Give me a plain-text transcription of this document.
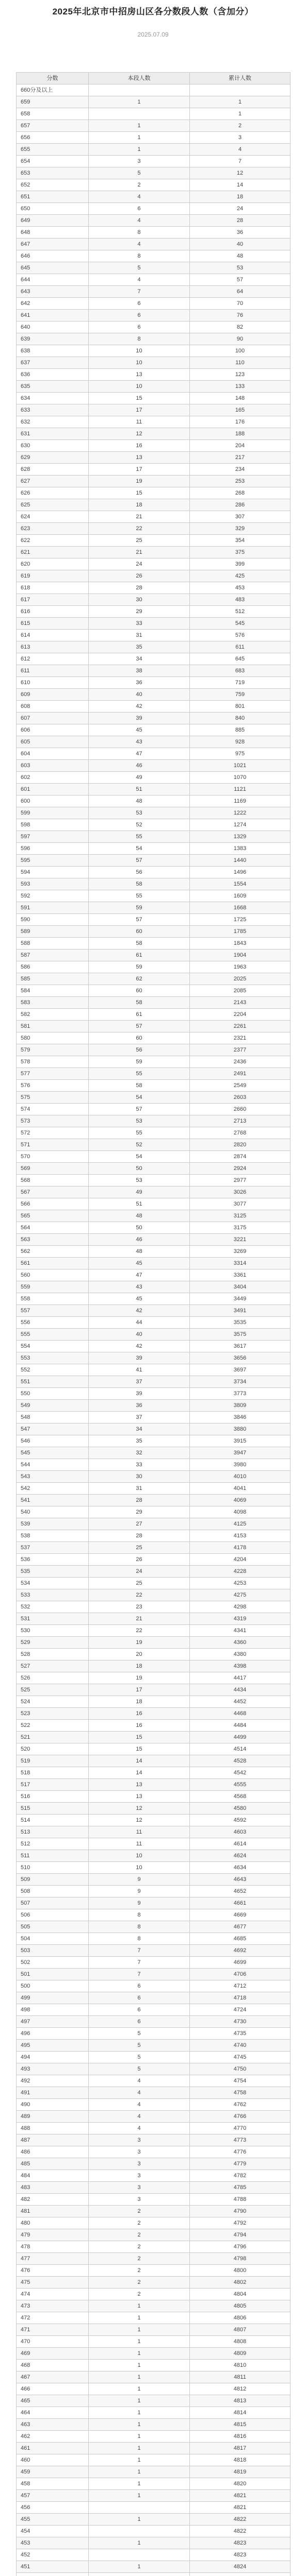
2025年北京市中招房山区各分数段人数（含加分）
2025.07.09
分数	本段人数	累计人数
660分及以上		
659	1	1
658		1
657	1	2
656	1	3
655	1	4
654	3	7
653	5	12
652	2	14
651	4	18
650	6	24
649	4	28
648	8	36
647	4	40
646	8	48
645	5	53
644	4	57
643	7	64
642	6	70
641	6	76
640	6	82
639	8	90
638	10	100
637	10	110
636	13	123
635	10	133
634	15	148
633	17	165
632	11	176
631	12	188
630	16	204
629	13	217
628	17	234
627	19	253
626	15	268
625	18	286
624	21	307
623	22	329
622	25	354
621	21	375
620	24	399
619	26	425
618	28	453
617	30	483
616	29	512
615	33	545
614	31	576
613	35	611
612	34	645
611	38	683
610	36	719
609	40	759
608	42	801
607	39	840
606	45	885
605	43	928
604	47	975
603	46	1021
602	49	1070
601	51	1121
600	48	1169
599	53	1222
598	52	1274
597	55	1329
596	54	1383
595	57	1440
594	56	1496
593	58	1554
592	55	1609
591	59	1668
590	57	1725
589	60	1785
588	58	1843
587	61	1904
586	59	1963
585	62	2025
584	60	2085
583	58	2143
582	61	2204
581	57	2261
580	60	2321
579	56	2377
578	59	2436
577	55	2491
576	58	2549
575	54	2603
574	57	2660
573	53	2713
572	55	2768
571	52	2820
570	54	2874
569	50	2924
568	53	2977
567	49	3026
566	51	3077
565	48	3125
564	50	3175
563	46	3221
562	48	3269
561	45	3314
560	47	3361
559	43	3404
558	45	3449
557	42	3491
556	44	3535
555	40	3575
554	42	3617
553	39	3656
552	41	3697
551	37	3734
550	39	3773
549	36	3809
548	37	3846
547	34	3880
546	35	3915
545	32	3947
544	33	3980
543	30	4010
542	31	4041
541	28	4069
540	29	4098
539	27	4125
538	28	4153
537	25	4178
536	26	4204
535	24	4228
534	25	4253
533	22	4275
532	23	4298
531	21	4319
530	22	4341
529	19	4360
528	20	4380
527	18	4398
526	19	4417
525	17	4434
524	18	4452
523	16	4468
522	16	4484
521	15	4499
520	15	4514
519	14	4528
518	14	4542
517	13	4555
516	13	4568
515	12	4580
514	12	4592
513	11	4603
512	11	4614
511	10	4624
510	10	4634
509	9	4643
508	9	4652
507	9	4661
506	8	4669
505	8	4677
504	8	4685
503	7	4692
502	7	4699
501	7	4706
500	6	4712
499	6	4718
498	6	4724
497	6	4730
496	5	4735
495	5	4740
494	5	4745
493	5	4750
492	4	4754
491	4	4758
490	4	4762
489	4	4766
488	4	4770
487	3	4773
486	3	4776
485	3	4779
484	3	4782
483	3	4785
482	3	4788
481	2	4790
480	2	4792
479	2	4794
478	2	4796
477	2	4798
476	2	4800
475	2	4802
474	2	4804
473	1	4805
472	1	4806
471	1	4807
470	1	4808
469	1	4809
468	1	4810
467	1	4811
466	1	4812
465	1	4813
464	1	4814
463	1	4815
462	1	4816
461	1	4817
460	1	4818
459	1	4819
458	1	4820
457	1	4821
456		4821
455	1	4822
454		4822
453	1	4823
452		4823
451	1	4824
